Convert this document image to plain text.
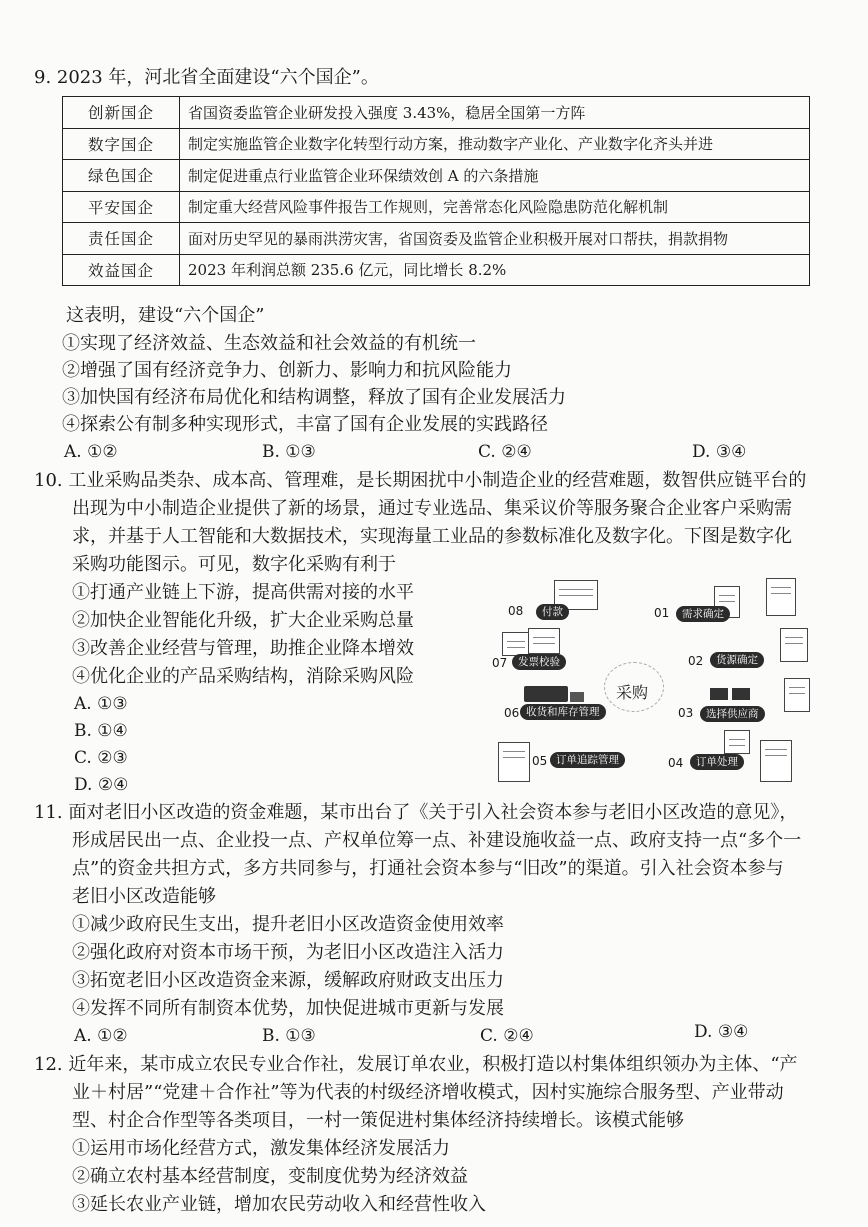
9. 2023 年，河北省全面建设“六个国企”。
创新国企	省国资委监管企业研发投入强度 3.43%，稳居全国第一方阵
数字国企	制定实施监管企业数字化转型行动方案，推动数字产业化、产业数字化齐头并进
绿色国企	制定促进重点行业监管企业环保绩效创 A 的六条措施
平安国企	制定重大经营风险事件报告工作规则，完善常态化风险隐患防范化解机制
责任国企	面对历史罕见的暴雨洪涝灾害，省国资委及监管企业积极开展对口帮扶，捐款捐物
效益国企	2023 年利润总额 235.6 亿元，同比增长 8.2%
这表明，建设“六个国企”
①实现了经济效益、生态效益和社会效益的有机统一
②增强了国有经济竞争力、创新力、影响力和抗风险能力
③加快国有经济布局优化和结构调整，释放了国有企业发展活力
④探索公有制多种实现形式，丰富了国有企业发展的实践路径
A. ①②	B. ①③	C. ②④	D. ③④
10. 工业采购品类杂、成本高、管理难，是长期困扰中小制造企业的经营难题，数智供应链平台的
出现为中小制造企业提供了新的场景，通过专业选品、集采议价等服务聚合企业客户采购需
求，并基于人工智能和大数据技术，实现海量工业品的参数标准化及数字化。下图是数字化
采购功能图示。可见，数字化采购有利于
①打通产业链上下游，提高供需对接的水平
②加快企业智能化升级，扩大企业采购总量
③改善企业经营与管理，助推企业降本增效
④优化企业的产品采购结构，消除采购风险
A. ①③
B. ①④
C. ②③
D. ②④
采购
08	付款	01	需求确定
07	发票校验	02	货源确定
06 收货和库存管理	03	选择供应商
05 订单追踪管理	04	订单处理
11. 面对老旧小区改造的资金难题，某市出台了《关于引入社会资本参与老旧小区改造的意见》，
形成居民出一点、企业投一点、产权单位筹一点、补建设施收益一点、政府支持一点“多个一
点”的资金共担方式，多方共同参与，打通社会资本参与“旧改”的渠道。引入社会资本参与
老旧小区改造能够
①减少政府民生支出，提升老旧小区改造资金使用效率
②强化政府对资本市场干预，为老旧小区改造注入活力
③拓宽老旧小区改造资金来源，缓解政府财政支出压力
④发挥不同所有制资本优势，加快促进城市更新与发展
A. ①②	B. ①③	C. ②④	D. ③④
12. 近年来，某市成立农民专业合作社，发展订单农业，积极打造以村集体组织领办为主体、“产
业＋村居”“党建＋合作社”等为代表的村级经济增收模式，因村实施综合服务型、产业带动
型、村企合作型等各类项目，一村一策促进村集体经济持续增长。该模式能够
①运用市场化经营方式，激发集体经济发展活力
②确立农村基本经营制度，变制度优势为经济效益
③延长农业产业链，增加农民劳动收入和经营性收入
